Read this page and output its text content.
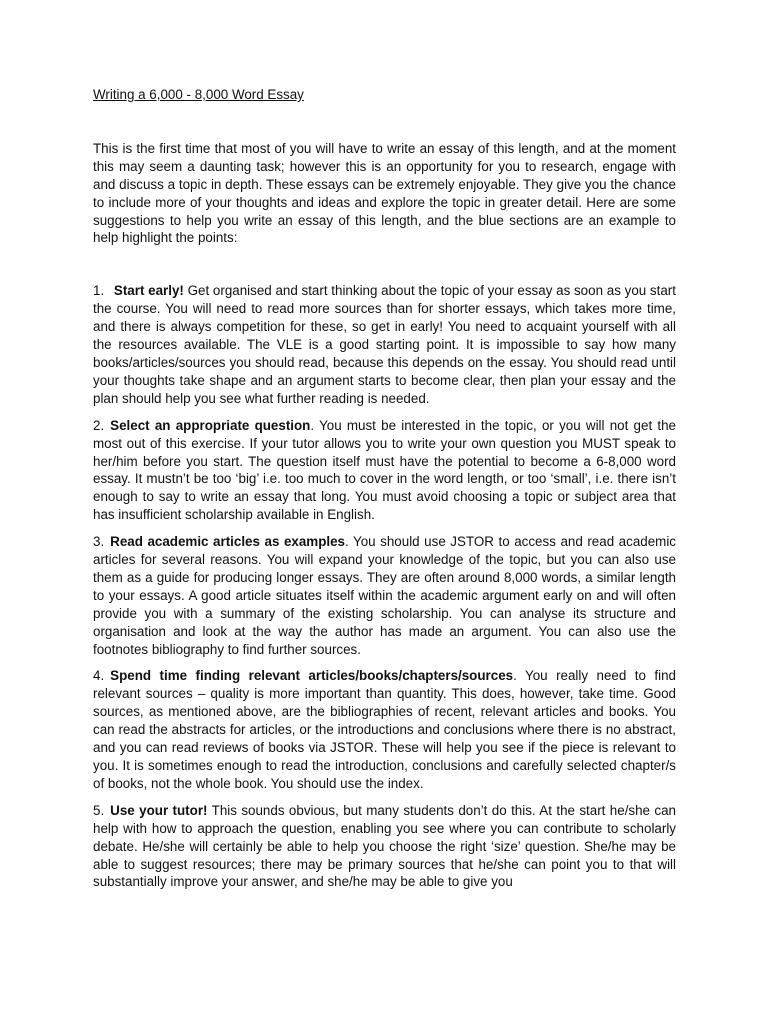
Writing a 6,000 - 8,000 Word Essay

This is the first time that most of you will have to write an essay of this length, and at the moment this may seem a daunting task; however this is an opportunity for you to research, engage with and discuss a topic in depth. These essays can be extremely enjoyable. They give you the chance to include more of your thoughts and ideas and explore the topic in greater detail. Here are some suggestions to help you write an essay of this length, and the blue sections are an example to help highlight the points:

1. Start early! Get organised and start thinking about the topic of your essay as soon as you start the course. You will need to read more sources than for shorter essays, which takes more time, and there is always competition for these, so get in early! You need to acquaint yourself with all the resources available. The VLE is a good starting point. It is impossible to say how many books/articles/sources you should read, because this depends on the essay. You should read until your thoughts take shape and an argument starts to become clear, then plan your essay and the plan should help you see what further reading is needed.

2. Select an appropriate question. You must be interested in the topic, or you will not get the most out of this exercise. If your tutor allows you to write your own question you MUST speak to her/him before you start. The question itself must have the potential to become a 6-8,000 word essay. It mustn’t be too ‘big’ i.e. too much to cover in the word length, or too ‘small’, i.e. there isn’t enough to say to write an essay that long. You must avoid choosing a topic or subject area that has insufficient scholarship available in English.

3. Read academic articles as examples. You should use JSTOR to access and read academic articles for several reasons. You will expand your knowledge of the topic, but you can also use them as a guide for producing longer essays. They are often around 8,000 words, a similar length to your essays. A good article situates itself within the academic argument early on and will often provide you with a summary of the existing scholarship. You can analyse its structure and organisation and look at the way the author has made an argument. You can also use the footnotes bibliography to find further sources.

4. Spend time finding relevant articles/books/chapters/sources. You really need to find relevant sources – quality is more important than quantity. This does, however, take time. Good sources, as mentioned above, are the bibliographies of recent, relevant articles and books. You can read the abstracts for articles, or the introductions and conclusions where there is no abstract, and you can read reviews of books via JSTOR. These will help you see if the piece is relevant to you. It is sometimes enough to read the introduction, conclusions and carefully selected chapter/s of books, not the whole book. You should use the index.

5. Use your tutor! This sounds obvious, but many students don’t do this. At the start he/she can help with how to approach the question, enabling you see where you can contribute to scholarly debate. He/she will certainly be able to help you choose the right ‘size’ question. She/he may be able to suggest resources; there may be primary sources that he/she can point you to that will substantially improve your answer, and she/he may be able to give you
